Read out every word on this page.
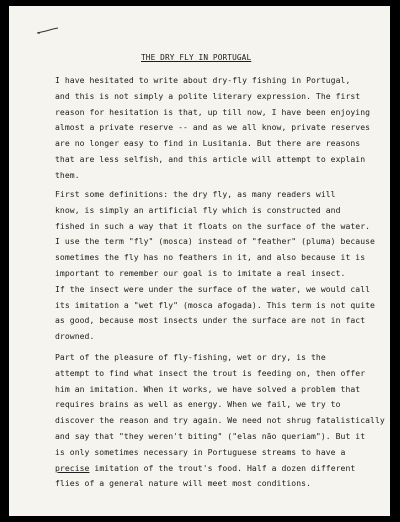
THE DRY FLY IN PORTUGAL
I have hesitated to write about dry-fly fishing in Portugal,
and this is not simply a polite literary expression. The first
reason for hesitation is that, up till now, I have been enjoying
almost a private reserve -- and as we all know, private reserves
are no longer easy to find in Lusitania. But there are reasons
that are less selfish, and this article will attempt to explain
them.
First some definitions: the dry fly, as many readers will
know, is simply an artificial fly which is constructed and
fished in such a way that it floats on the surface of the water.
I use the term "fly" (mosca) instead of "feather" (pluma) because
sometimes the fly has no feathers in it, and also because it is
important to remember our goal is to imitate a real insect.
If the insect were under the surface of the water, we would call
its imitation a "wet fly" (mosca afogada). This term is not quite
as good, because most insects under the surface are not in fact
drowned.
Part of the pleasure of fly-fishing, wet or dry, is the
attempt to find what insect the trout is feeding on, then offer
him an imitation. When it works, we have solved a problem that
requires brains as well as energy. When we fail, we try to
discover the reason and try again. We need not shrug fatalistically
and say that "they weren't biting" ("elas não queriam"). But it
is only sometimes necessary in Portuguese streams to have a
precise imitation of the trout's food. Half a dozen different
flies of a general nature will meet most conditions.
